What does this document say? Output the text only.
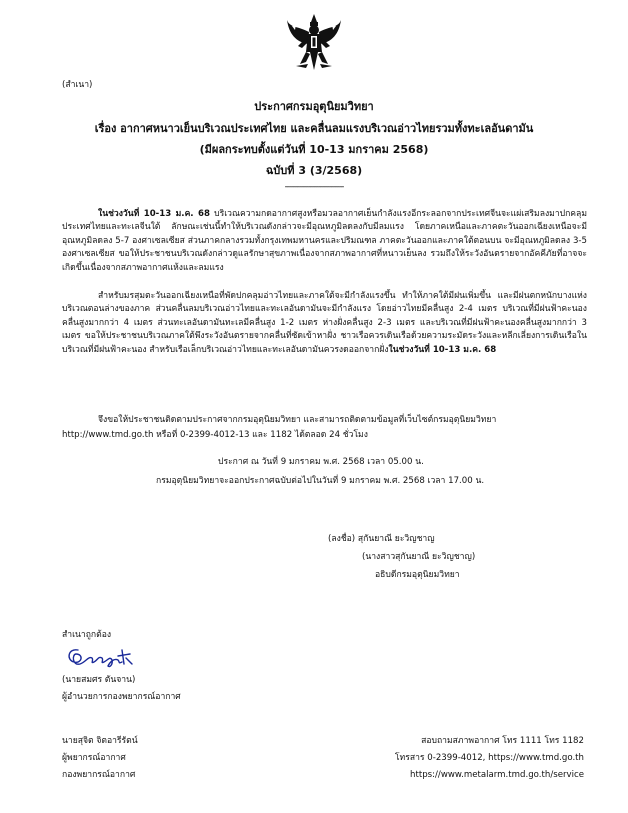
(สำเนา)
ประกาศกรมอุตุนิยมวิทยา
เรื่อง อากาศหนาวเย็นบริเวณประเทศไทย และคลื่นลมแรงบริเวณอ่าวไทยรวมทั้งทะเลอันดามัน
(มีผลกระทบตั้งแต่วันที่ 10-13 มกราคม 2568)
ฉบับที่ 3 (3/2568)
----------------------------

ในช่วงวันที่ 10-13 ม.ค. 68 บริเวณความกดอากาศสูงหรือมวลอากาศเย็นกำลังแรงอีกระลอกจากประเทศจีนจะแผ่เสริมลงมาปกคลุมประเทศไทยและทะเลจีนใต้ ลักษณะเช่นนี้ทำให้บริเวณดังกล่าวจะมีอุณหภูมิลดลงกับมีลมแรง โดยภาคเหนือและภาคตะวันออกเฉียงเหนือจะมีอุณหภูมิลดลง 5-7 องศาเซลเซียส ส่วนภาคกลางรวมทั้งกรุงเทพมหานครและปริมณฑล ภาคตะวันออกและภาคใต้ตอนบน จะมีอุณหภูมิลดลง 3-5 องศาเซลเซียส ขอให้ประชาชนบริเวณดังกล่าวดูแลรักษาสุขภาพเนื่องจากสภาพอากาศที่หนาวเย็นลง รวมถึงให้ระวังอันตรายจากอัคคีภัยที่อาจจะเกิดขึ้นเนื่องจากสภาพอากาศแห้งและลมแรง

สำหรับมรสุมตะวันออกเฉียงเหนือที่พัดปกคลุมอ่าวไทยและภาคใต้จะมีกำลังแรงขึ้น ทำให้ภาคใต้มีฝนเพิ่มขึ้น และมีฝนตกหนักบางแห่งบริเวณตอนล่างของภาค ส่วนคลื่นลมบริเวณอ่าวไทยและทะเลอันดามันจะมีกำลังแรง โดยอ่าวไทยมีคลื่นสูง 2-4 เมตร บริเวณที่มีฝนฟ้าคะนองคลื่นสูงมากกว่า 4 เมตร ส่วนทะเลอันดามันทะเลมีคลื่นสูง 1-2 เมตร ห่างฝั่งคลื่นสูง 2-3 เมตร และบริเวณที่มีฝนฟ้าคะนองคลื่นสูงมากกว่า 3 เมตร ขอให้ประชาชนบริเวณภาคใต้พึงระวังอันตรายจากคลื่นที่ซัดเข้าหาฝั่ง ชาวเรือควรเดินเรือด้วยความระมัดระวังและหลีกเลี่ยงการเดินเรือในบริเวณที่มีฝนฟ้าคะนอง สำหรับเรือเล็กบริเวณอ่าวไทยและทะเลอันดามันควรงดออกจากฝั่งในช่วงวันที่ 10-13 ม.ค. 68

จึงขอให้ประชาชนติดตามประกาศจากกรมอุตุนิยมวิทยา และสามารถติดตามข้อมูลที่เว็บไซต์กรมอุตุนิยมวิทยา
http://www.tmd.go.th หรือที่ 0-2399-4012-13 และ 1182 ได้ตลอด 24 ชั่วโมง
ประกาศ ณ วันที่ 9 มกราคม พ.ศ. 2568 เวลา 05.00 น.
กรมอุตุนิยมวิทยาจะออกประกาศฉบับต่อไปในวันที่ 9 มกราคม พ.ศ. 2568 เวลา 17.00 น.
(ลงชื่อ) สุกันยาณี ยะวิญชาญ
(นางสาวสุกันยาณี ยะวิญชาญ)
อธิบดีกรมอุตุนิยมวิทยา
สำเนาถูกต้อง
(นายสมศร ตันจาน)
ผู้อำนวยการกองพยากรณ์อากาศ
นายสุจิต จิตอารีรัตน์
ผู้พยากรณ์อากาศ
กองพยากรณ์อากาศ
สอบถามสภาพอากาศ โทร 1111 โทร 1182
โทรสาร 0-2399-4012, https://www.tmd.go.th
https://www.metalarm.tmd.go.th/service
